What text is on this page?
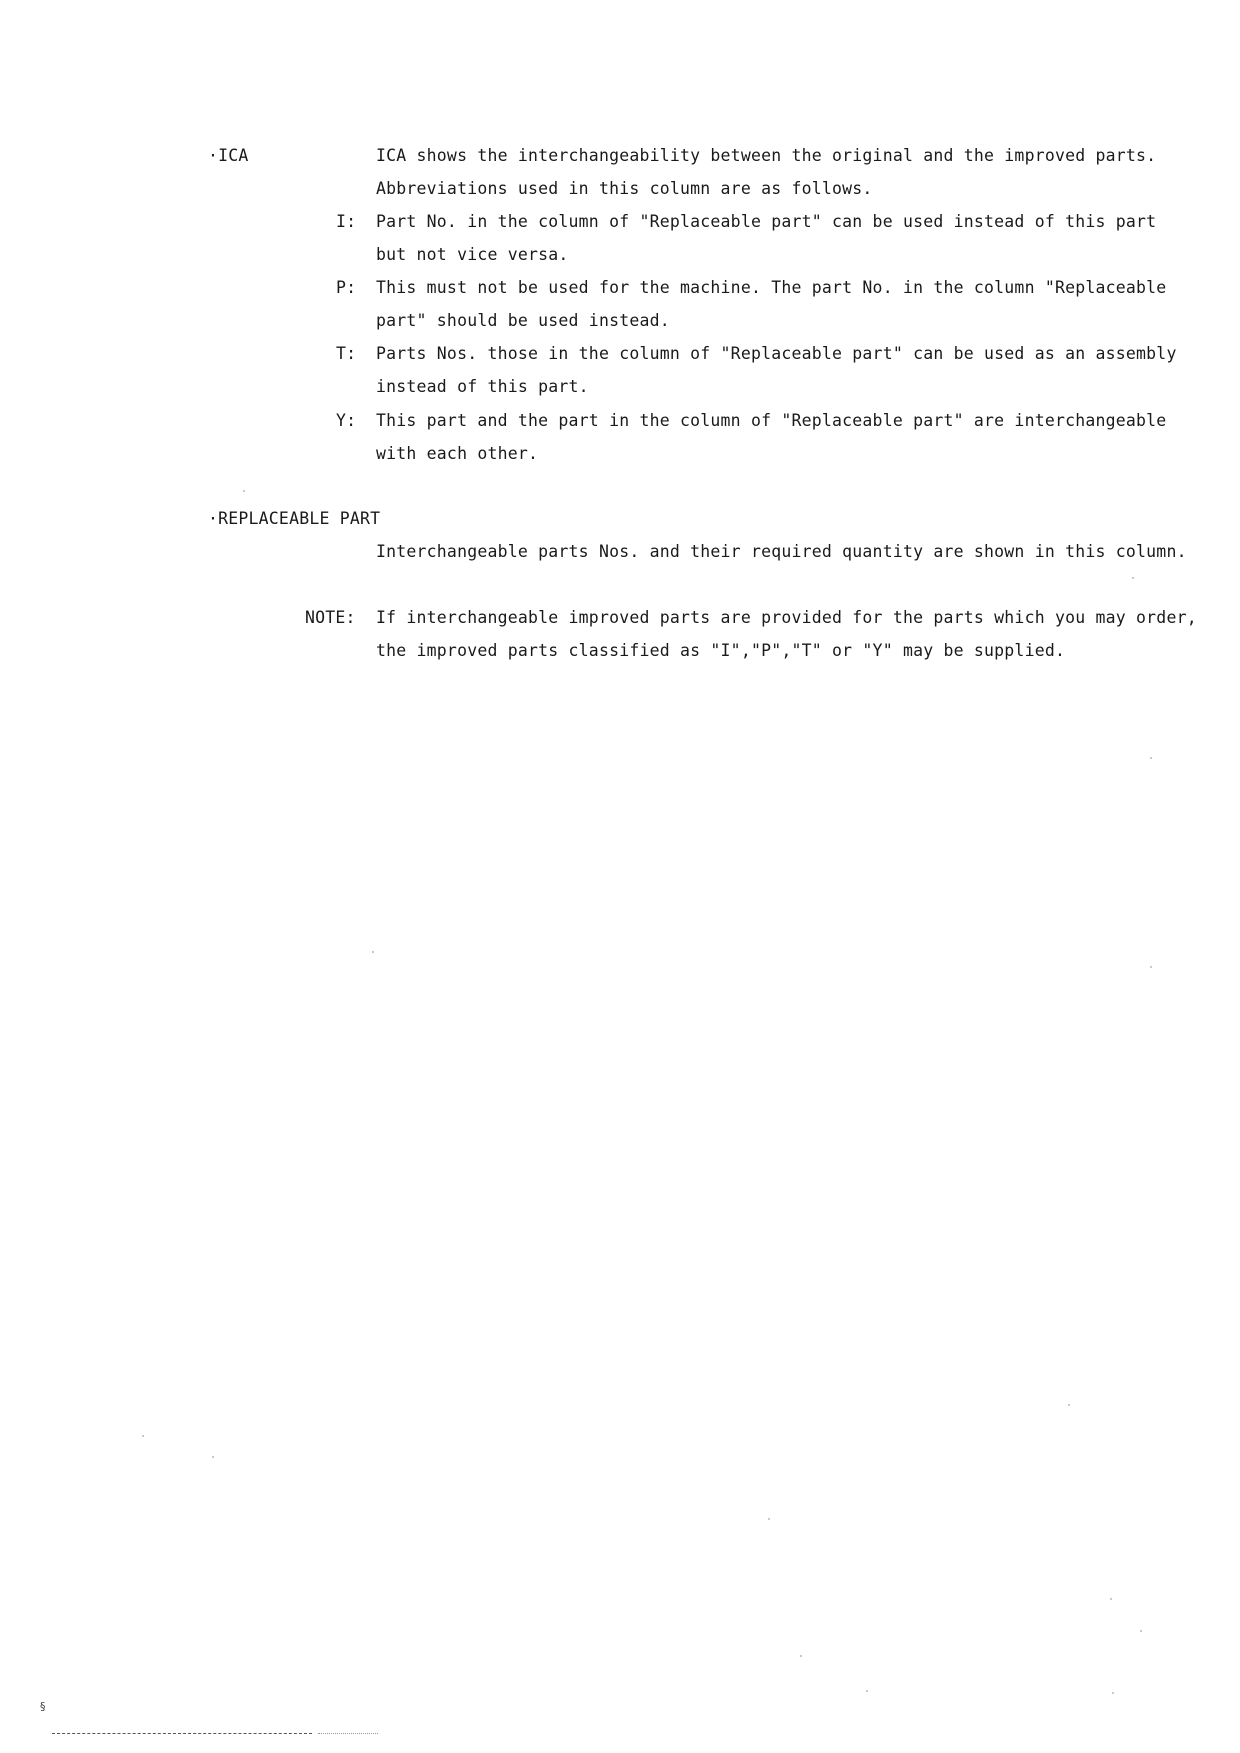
·ICA	ICA shows the interchangeability between the original and the improved parts.
Abbreviations used in this column are as follows.
I: Part No. in the column of "Replaceable part" can be used instead of this part
but not vice versa.
P: This must not be used for the machine. The part No. in the column "Replaceable
part" should be used instead.
T: Parts Nos. those in the column of "Replaceable part" can be used as an assembly
instead of this part.
Y: This part and the part in the column of "Replaceable part" are interchangeable
with each other.
·REPLACEABLE PART
Interchangeable parts Nos. and their required quantity are shown in this column.
NOTE: If interchangeable improved parts are provided for the parts which you may order,
the improved parts classified as "I","P","T" or "Y" may be supplied.
§
